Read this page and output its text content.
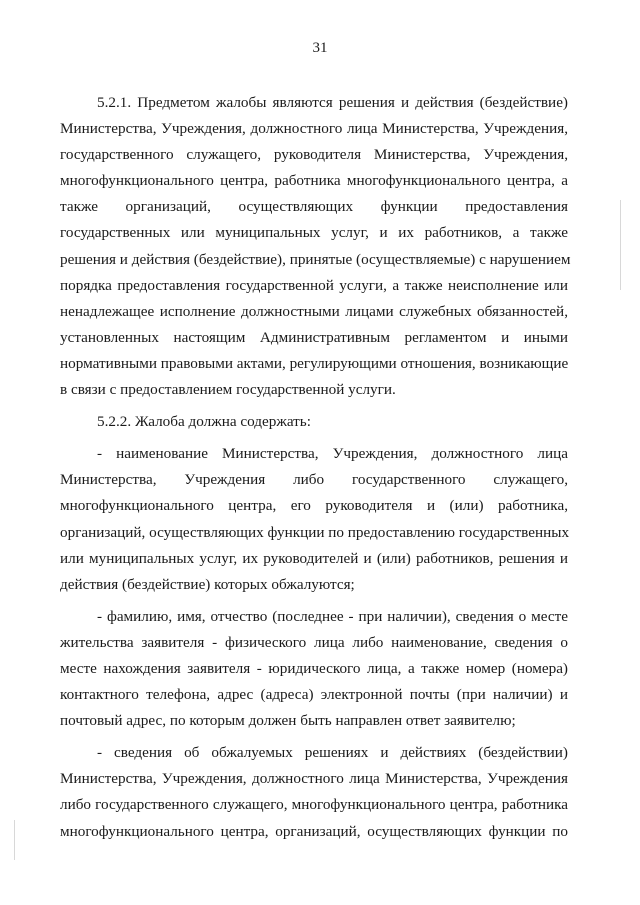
31

5.2.1. Предметом жалобы являются решения и действия (бездействие)
Министерства, Учреждения, должностного лица Министерства, Учреждения,
государственного служащего, руководителя Министерства, Учреждения,
многофункционального центра, работника многофункционального центра, а
также организаций, осуществляющих функции предоставления
государственных или муниципальных услуг, и их работников, а также
решения и действия (бездействие), принятые (осуществляемые) с нарушением
порядка предоставления государственной услуги, а также неисполнение или
ненадлежащее исполнение должностными лицами служебных обязанностей,
установленных настоящим Административным регламентом и иными
нормативными правовыми актами, регулирующими отношения, возникающие
в связи с предоставлением государственной услуги.

5.2.2. Жалоба должна содержать:

- наименование Министерства, Учреждения, должностного лица
Министерства, Учреждения либо государственного служащего,
многофункционального центра, его руководителя и (или) работника,
организаций, осуществляющих функции по предоставлению государственных
или муниципальных услуг, их руководителей и (или) работников, решения и
действия (бездействие) которых обжалуются;

- фамилию, имя, отчество (последнее - при наличии), сведения о месте
жительства заявителя - физического лица либо наименование, сведения о
месте нахождения заявителя - юридического лица, а также номер (номера)
контактного телефона, адрес (адреса) электронной почты (при наличии) и
почтовый адрес, по которым должен быть направлен ответ заявителю;

- сведения об обжалуемых решениях и действиях (бездействии)
Министерства, Учреждения, должностного лица Министерства, Учреждения
либо государственного служащего, многофункционального центра, работника
многофункционального центра, организаций, осуществляющих функции по
